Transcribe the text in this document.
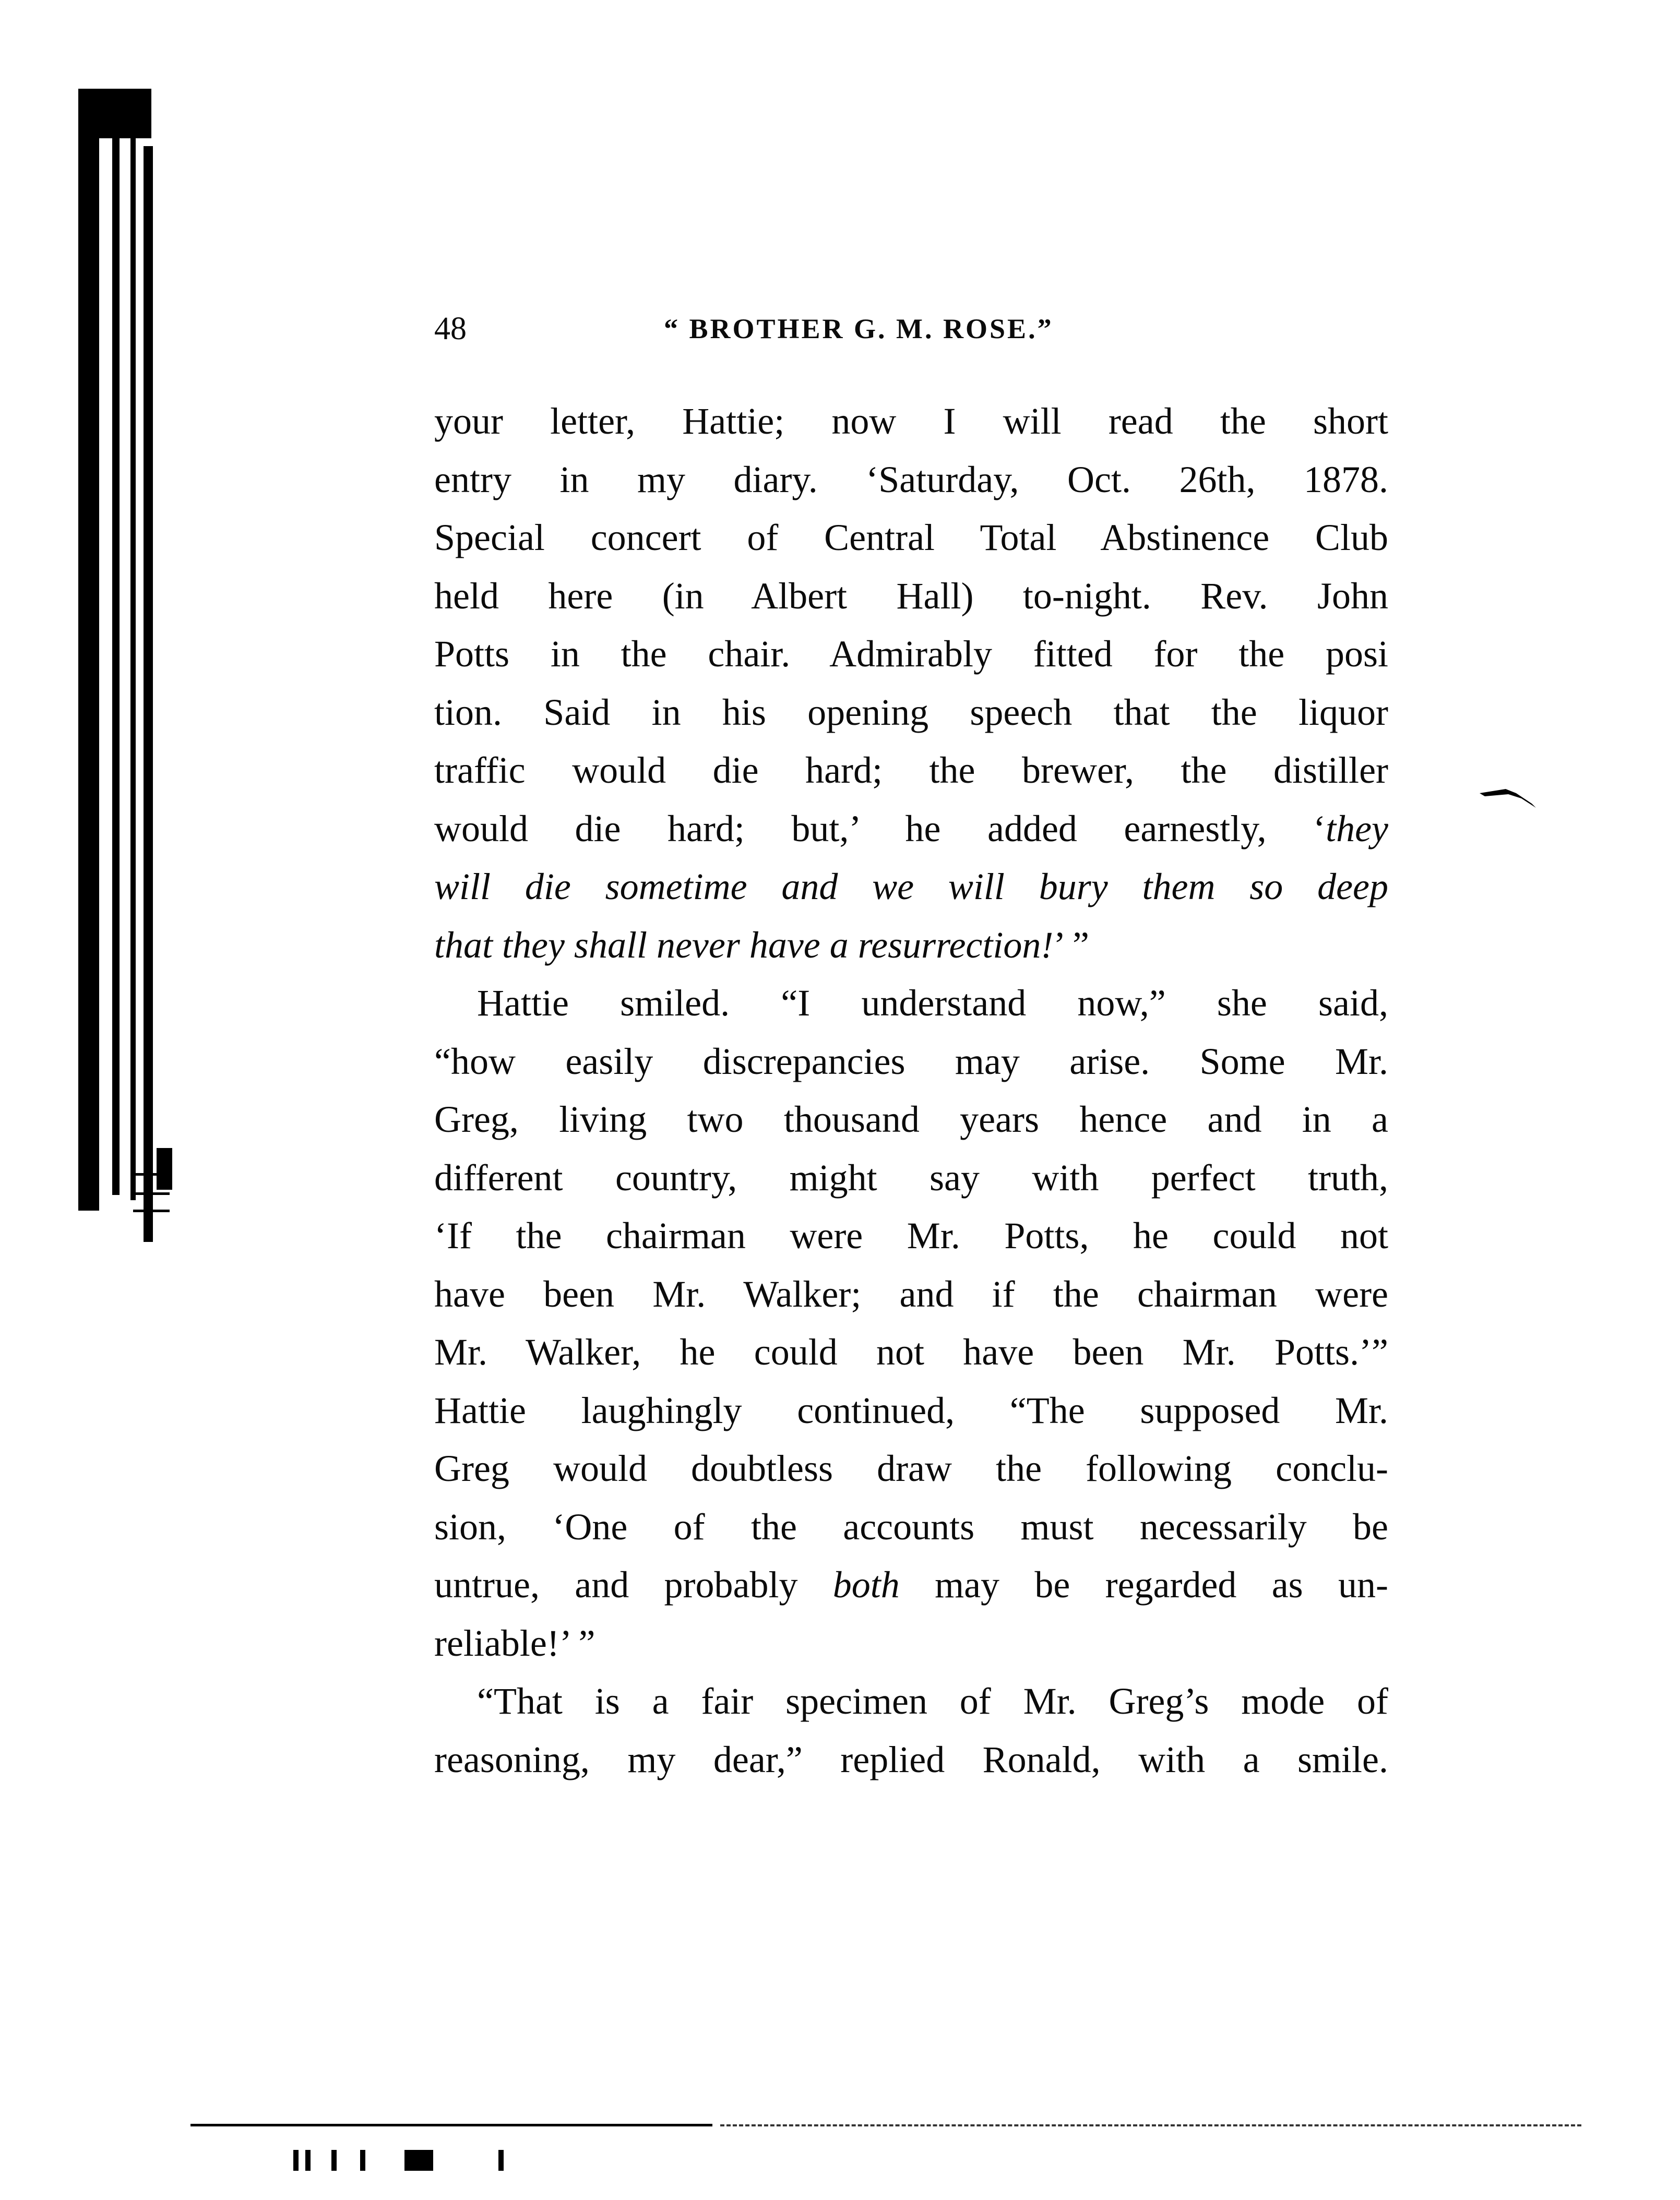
48	“ BROTHER G. M. ROSE.”
your letter, Hattie; now I will read the short
entry in my diary. ‘Saturday, Oct. 26th, 1878.
Special concert of Central Total Abstinence Club
held here (in Albert Hall) to-night. Rev. John
Potts in the chair. Admirably fitted for the posi
tion. Said in his opening speech that the liquor
traffic would die hard; the brewer, the distiller
would die hard; but,’ he added earnestly, ‘they
will die sometime and we will bury them so deep
that they shall never have a resurrection!’ ”
Hattie smiled. “I understand now,” she said,
“how easily discrepancies may arise. Some Mr.
Greg, living two thousand years hence and in a
different country, might say with perfect truth,
‘If the chairman were Mr. Potts, he could not
have been Mr. Walker; and if the chairman were
Mr. Walker, he could not have been Mr. Potts.’”
Hattie laughingly continued, “The supposed Mr.
Greg would doubtless draw the following conclu-
sion, ‘One of the accounts must necessarily be
untrue, and probably both may be regarded as un-
reliable!’ ”
“That is a fair specimen of Mr. Greg’s mode of
reasoning, my dear,” replied Ronald, with a smile.
